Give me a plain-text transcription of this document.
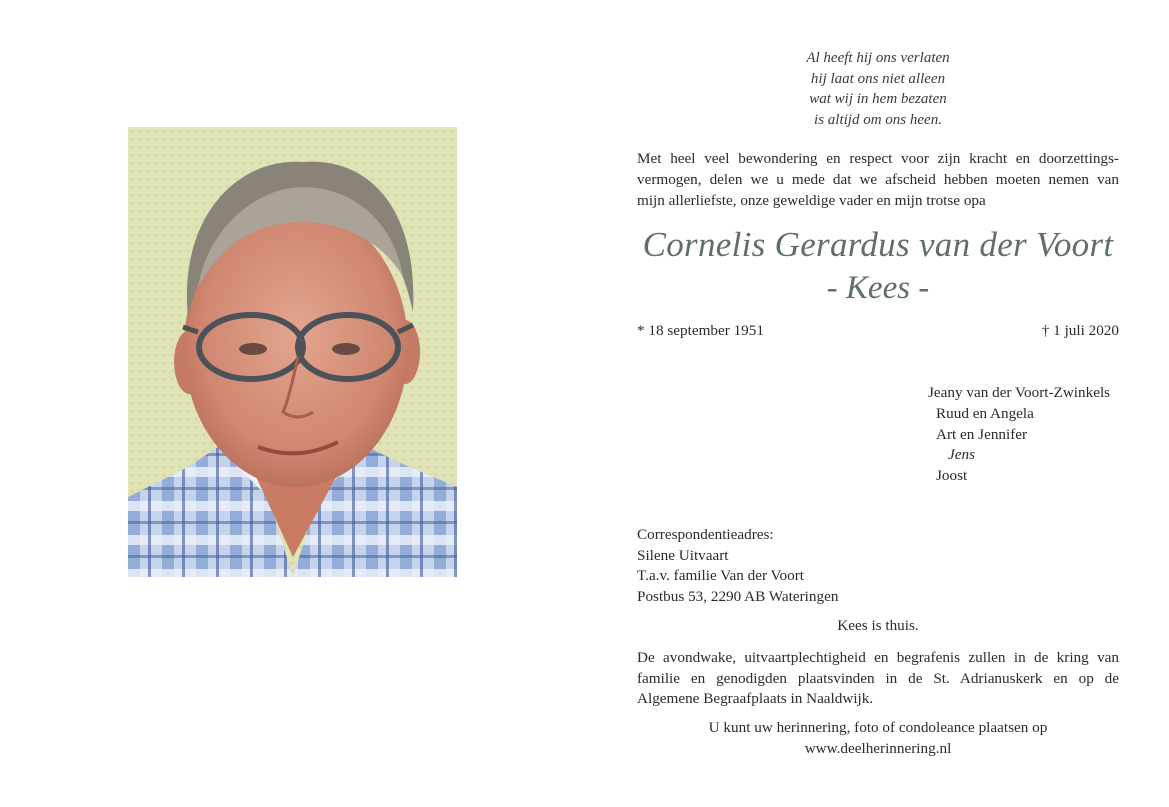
Al heeft hij ons verlaten
hij laat ons niet alleen
wat wij in hem bezaten
is altijd om ons heen.
Met heel veel bewondering en respect voor zijn kracht en doorzettings-
vermogen, delen we u mede dat we afscheid hebben moeten nemen van
mijn allerliefste, onze geweldige vader en mijn trotse opa
Cornelis Gerardus van der Voort
- Kees -
* 18 september 1951	† 1 juli 2020
Jeany van der Voort-Zwinkels
Ruud en Angela
Art en Jennifer
Jens
Joost
Correspondentieadres:
Silene Uitvaart
T.a.v. familie Van der Voort
Postbus 53, 2290 AB Wateringen
Kees is thuis.
De avondwake, uitvaartplechtigheid en begrafenis zullen in de kring van
familie en genodigden plaatsvinden in de St. Adrianuskerk en op de
Algemene Begraafplaats in Naaldwijk.
U kunt uw herinnering, foto of condoleance plaatsen op
www.deelherinnering.nl
